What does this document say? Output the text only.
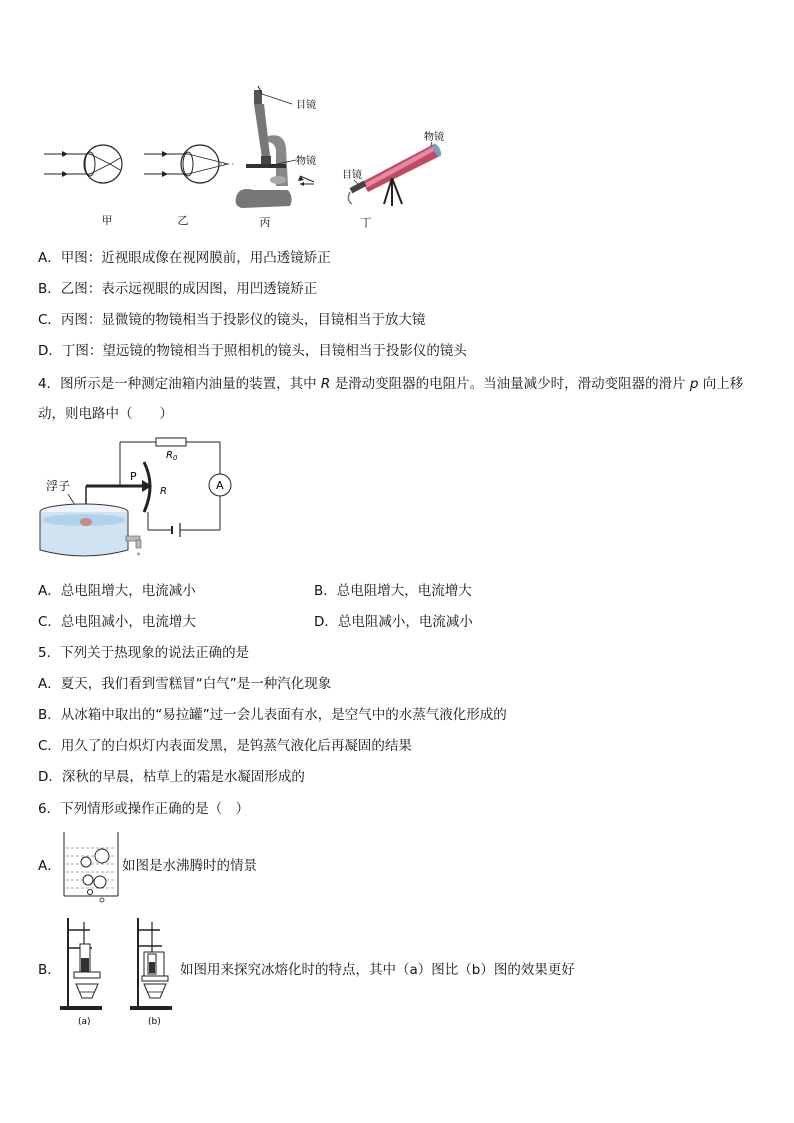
甲	乙
目镜
物镜
丙
物镜
目镜
丁
A．甲图：近视眼成像在视网膜前，用凸透镜矫正
B．乙图：表示远视眼的成因图，用凹透镜矫正
C．丙图：显微镜的物镜相当于投影仪的镜头，目镜相当于放大镜
D．丁图：望远镜的物镜相当于照相机的镜头，目镜相当于投影仪的镜头
4．图所示是一种测定油箱内油量的装置，其中 R 是滑动变阻器的电阻片。当油量减少时，滑动变阻器的滑片 p 向上移
动，则电路中（　　）
$R_0$
A
R
P
浮子
A．总电阻增大，电流减小	B．总电阻增大，电流增大
C．总电阻减小，电流增大	D．总电阻减小，电流减小
5．下列关于热现象的说法正确的是
A．夏天，我们看到雪糕冒“白气”是一种汽化现象
B．从冰箱中取出的“易拉罐”过一会儿表面有水，是空气中的水蒸气液化形成的
C．用久了的白炽灯内表面发黑，是钨蒸气液化后再凝固的结果
D．深秋的早晨，枯草上的霜是水凝固形成的
6．下列情形或操作正确的是（　）
A．	如图是水沸腾时的情景
B．
(a)	(b)
如图用来探究冰熔化时的特点，其中（a）图比（b）图的效果更好
